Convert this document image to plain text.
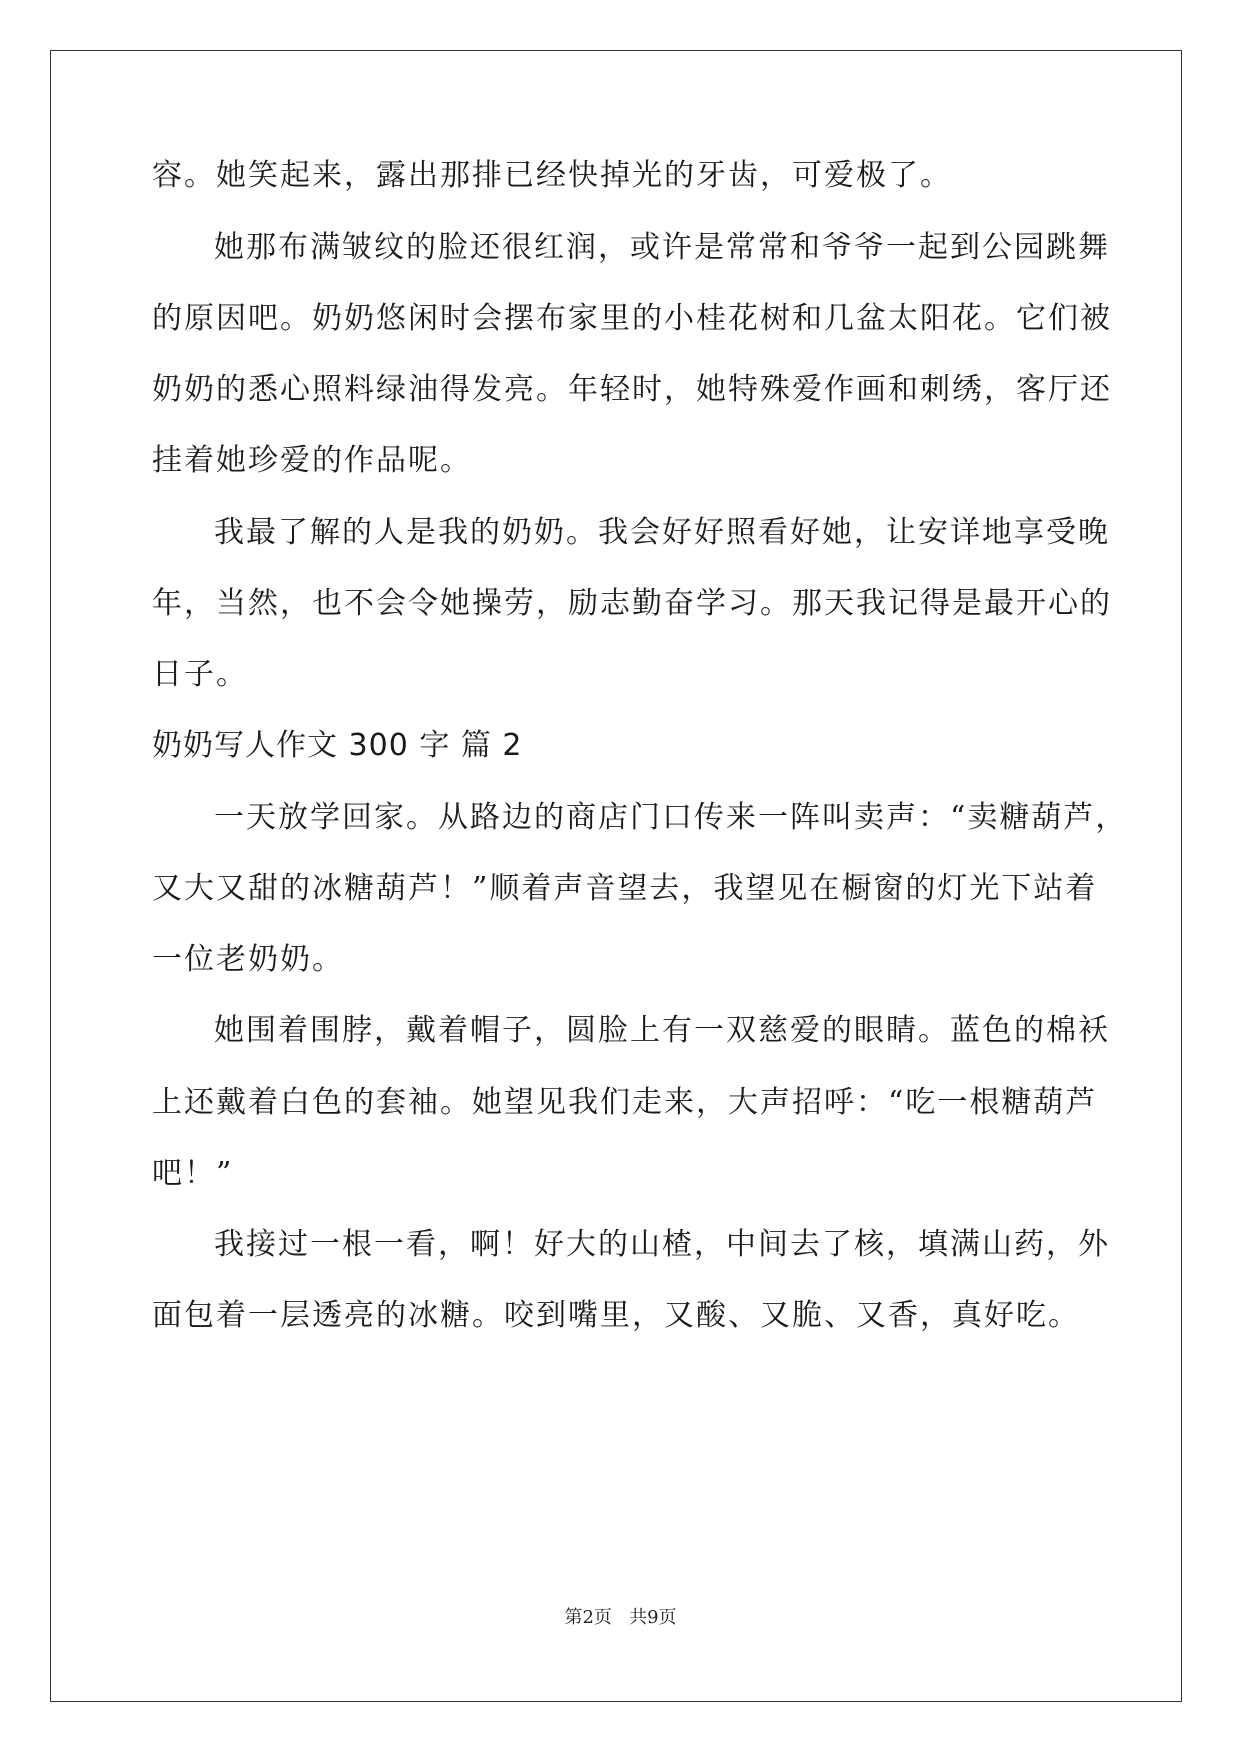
容。她笑起来，露出那排已经快掉光的牙齿，可爱极了。

她那布满皱纹的脸还很红润，或许是常常和爷爷一起到公园跳舞

的原因吧。奶奶悠闲时会摆布家里的小桂花树和几盆太阳花。它们被

奶奶的悉心照料绿油得发亮。年轻时，她特殊爱作画和刺绣，客厅还

挂着她珍爱的作品呢。

我最了解的人是我的奶奶。我会好好照看好她，让安详地享受晚

年，当然，也不会令她操劳，励志勤奋学习。那天我记得是最开心的

日子。

奶奶写人作文 300 字 篇 2

一天放学回家。从路边的商店门口传来一阵叫卖声：“卖糖葫芦，

又大又甜的冰糖葫芦！”顺着声音望去，我望见在橱窗的灯光下站着

一位老奶奶。

她围着围脖，戴着帽子，圆脸上有一双慈爱的眼睛。蓝色的棉袄

上还戴着白色的套袖。她望见我们走来，大声招呼：“吃一根糖葫芦

吧！”

我接过一根一看，啊！好大的山楂，中间去了核，填满山药，外

面包着一层透亮的冰糖。咬到嘴里，又酸、又脆、又香，真好吃。

第2页   共9页
